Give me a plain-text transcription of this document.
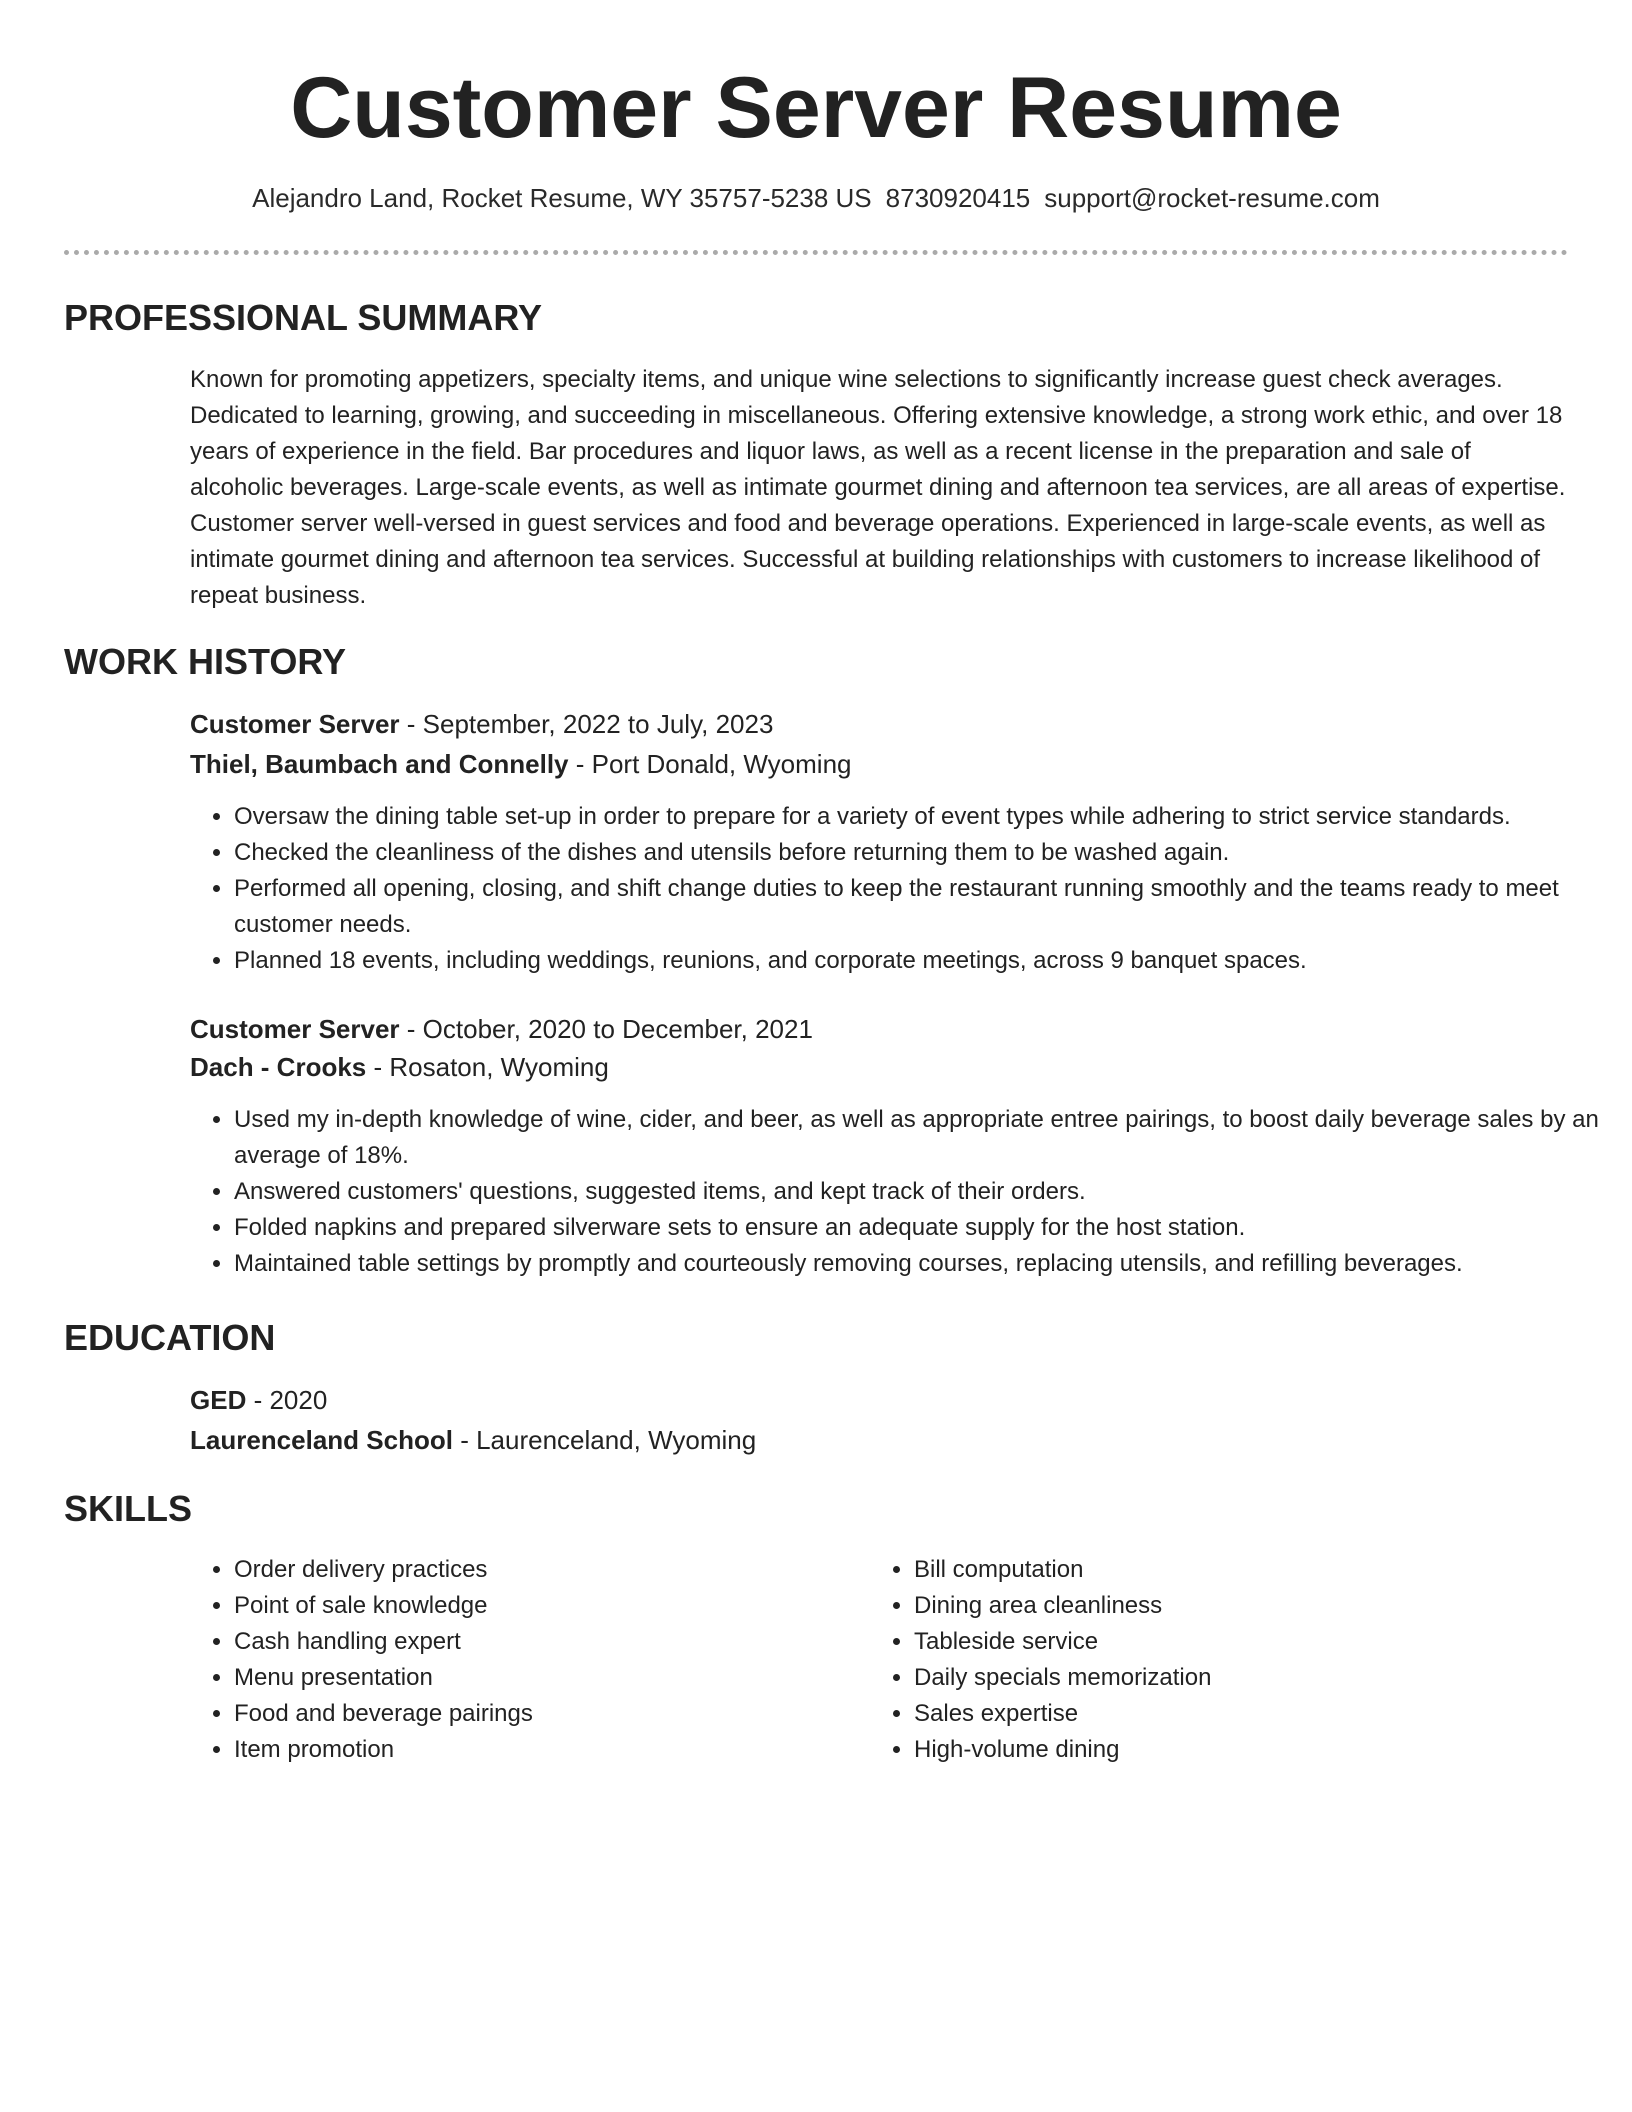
Customer Server Resume
Alejandro Land, Rocket Resume, WY 35757-5238 US 8730920415 support@rocket-resume.com
PROFESSIONAL SUMMARY
Known for promoting appetizers, specialty items, and unique wine selections to significantly increase guest check averages. Dedicated to learning, growing, and succeeding in miscellaneous. Offering extensive knowledge, a strong work ethic, and over 18 years of experience in the field. Bar procedures and liquor laws, as well as a recent license in the preparation and sale of alcoholic beverages. Large-scale events, as well as intimate gourmet dining and afternoon tea services, are all areas of expertise. Customer server well-versed in guest services and food and beverage operations. Experienced in large-scale events, as well as intimate gourmet dining and afternoon tea services. Successful at building relationships with customers to increase likelihood of repeat business.
WORK HISTORY
Customer Server - September, 2022 to July, 2023
Thiel, Baumbach and Connelly - Port Donald, Wyoming
• Oversaw the dining table set-up in order to prepare for a variety of event types while adhering to strict service standards.
• Checked the cleanliness of the dishes and utensils before returning them to be washed again.
• Performed all opening, closing, and shift change duties to keep the restaurant running smoothly and the teams ready to meet customer needs.
• Planned 18 events, including weddings, reunions, and corporate meetings, across 9 banquet spaces.
Customer Server - October, 2020 to December, 2021
Dach - Crooks - Rosaton, Wyoming
• Used my in-depth knowledge of wine, cider, and beer, as well as appropriate entree pairings, to boost daily beverage sales by an average of 18%.
• Answered customers' questions, suggested items, and kept track of their orders.
• Folded napkins and prepared silverware sets to ensure an adequate supply for the host station.
• Maintained table settings by promptly and courteously removing courses, replacing utensils, and refilling beverages.
EDUCATION
GED - 2020
Laurenceland School - Laurenceland, Wyoming
SKILLS
• Order delivery practices
• Point of sale knowledge
• Cash handling expert
• Menu presentation
• Food and beverage pairings
• Item promotion
• Bill computation
• Dining area cleanliness
• Tableside service
• Daily specials memorization
• Sales expertise
• High-volume dining
